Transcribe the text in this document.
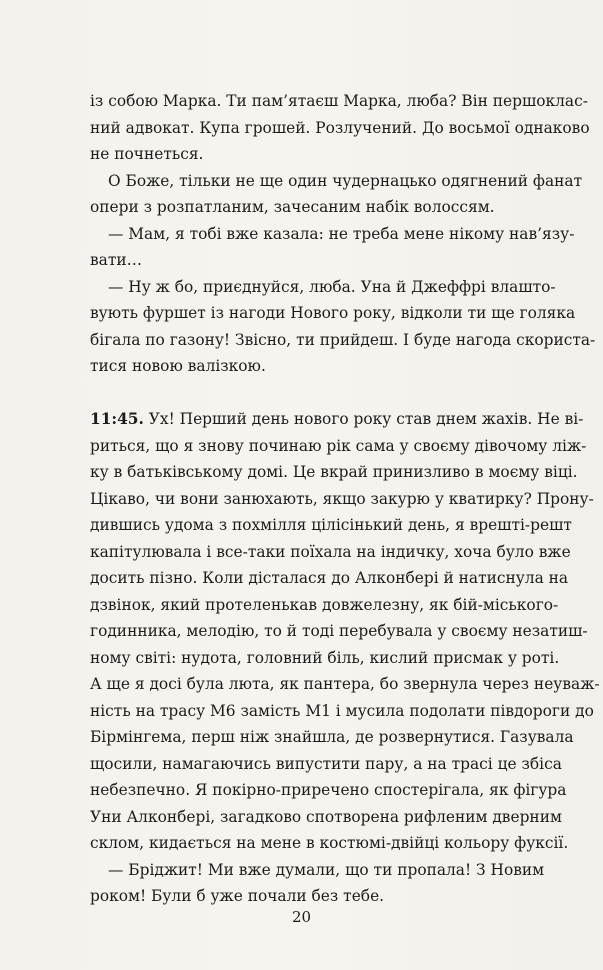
із собою Марка. Ти пам’ятаєш Марка, люба? Він першоклас-
ний адвокат. Купа грошей. Розлучений. До восьмої однаково
не почнеться.
О Боже, тільки не ще один чудернацько одягнений фанат
опери з розпатланим, зачесаним набік волоссям.
— Мам, я тобі вже казала: не треба мене нікому нав’язу-
вати…
— Ну ж бо, приєднуйся, люба. Уна й Джеффрі влашто-
вують фуршет із нагоди Нового року, відколи ти ще голяка
бігала по газону! Звісно, ти прийдеш. І буде нагода скориста-
тися новою валізкою.
11:45. Ух! Перший день нового року став днем жахів. Не ві-
риться, що я знову починаю рік сама у своєму дівочому ліж-
ку в батьківському домі. Це вкрай принизливо в моєму віці.
Цікаво, чи вони занюхають, якщо закурю у кватирку? Прону-
дившись удома з похмілля цілісінький день, я врешті-решт
капітулювала і все-таки поїхала на індичку, хоча було вже
досить пізно. Коли дісталася до Алконбері й натиснула на
дзвінок, який протеленькав довжелезну, як бій-міського-
годинника, мелодію, то й тоді перебувала у своєму незатиш-
ному світі: нудота, головний біль, кислий присмак у роті.
А ще я досі була люта, як пантера, бо звернула через неуваж-
ність на трасу М6 замість М1 і мусила подолати півдороги до
Бірмінгема, перш ніж знайшла, де розвернутися. Газувала
щосили, намагаючись випустити пару, а на трасі це збіса
небезпечно. Я покірно-приречено спостерігала, як фігура
Уни Алконбері, загадково спотворена рифленим дверним
склом, кидається на мене в костюмі-двійці кольору фуксії.
— Бріджит! Ми вже думали, що ти пропала! З Новим
роком! Були б уже почали без тебе.
20
